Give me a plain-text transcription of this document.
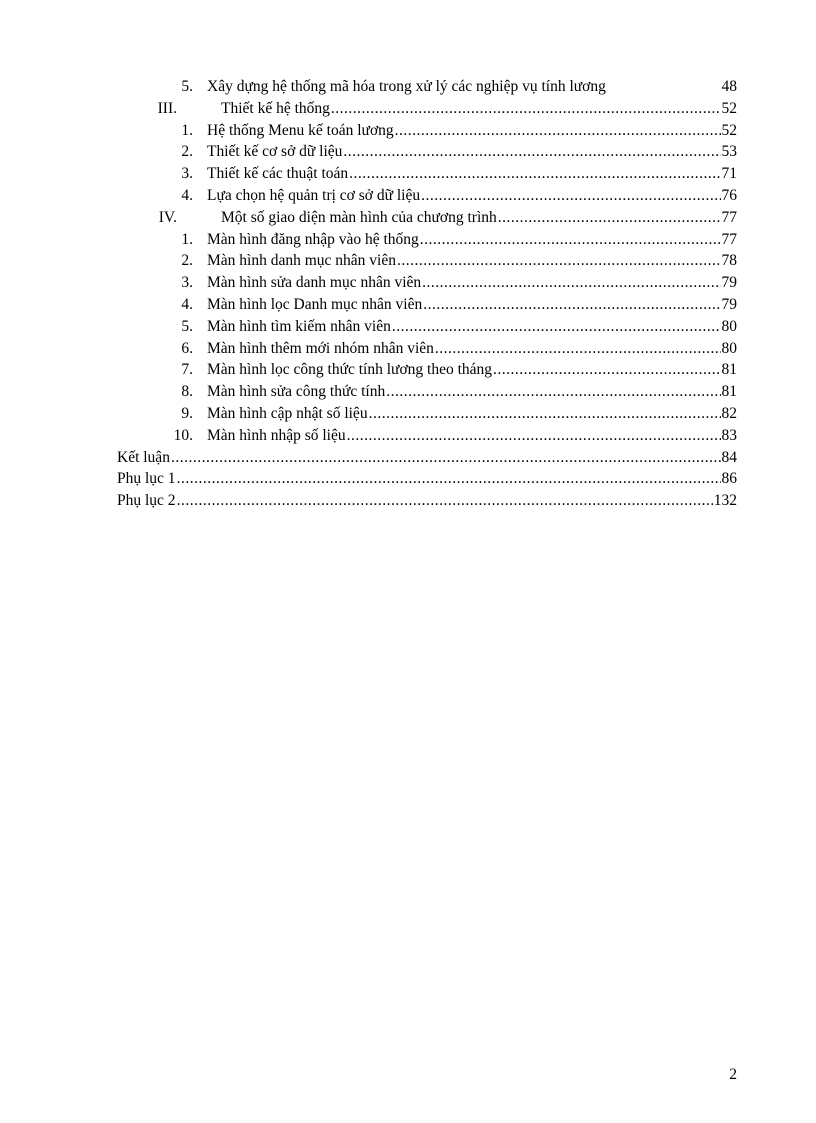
5. Xây dựng hệ thống mã hóa trong xử lý các nghiệp vụ tính lương	48
III.	Thiết kế hệ thống .....	52
1. Hệ thống Menu kế toán lương .....	52
2. Thiết kế cơ sở dữ liệu .....	53
3. Thiết kế các thuật toán .....	71
4. Lựa chọn hệ quản trị cơ sở dữ liệu .....	76
IV.	Một số giao diện màn hình của chương trình .....	77
1. Màn hình đăng nhập vào hệ thống .....	77
2. Màn hình danh mục nhân viên .....	78
3. Màn hình sửa danh mục nhân viên .....	79
4. Màn hình lọc Danh mục nhân viên .....	79
5. Màn hình tìm kiếm nhân viên .....	80
6. Màn hình thêm mới nhóm nhân viên .....	80
7. Màn hình lọc công thức tính lương theo tháng .....	81
8. Màn hình sửa công thức tính .....	81
9. Màn hình cập nhật số liệu .....	82
10. Màn hình nhập số liệu .....	83
Kết luận .....	84
Phụ lục 1 .....	86
Phụ lục 2 .....	132
2
